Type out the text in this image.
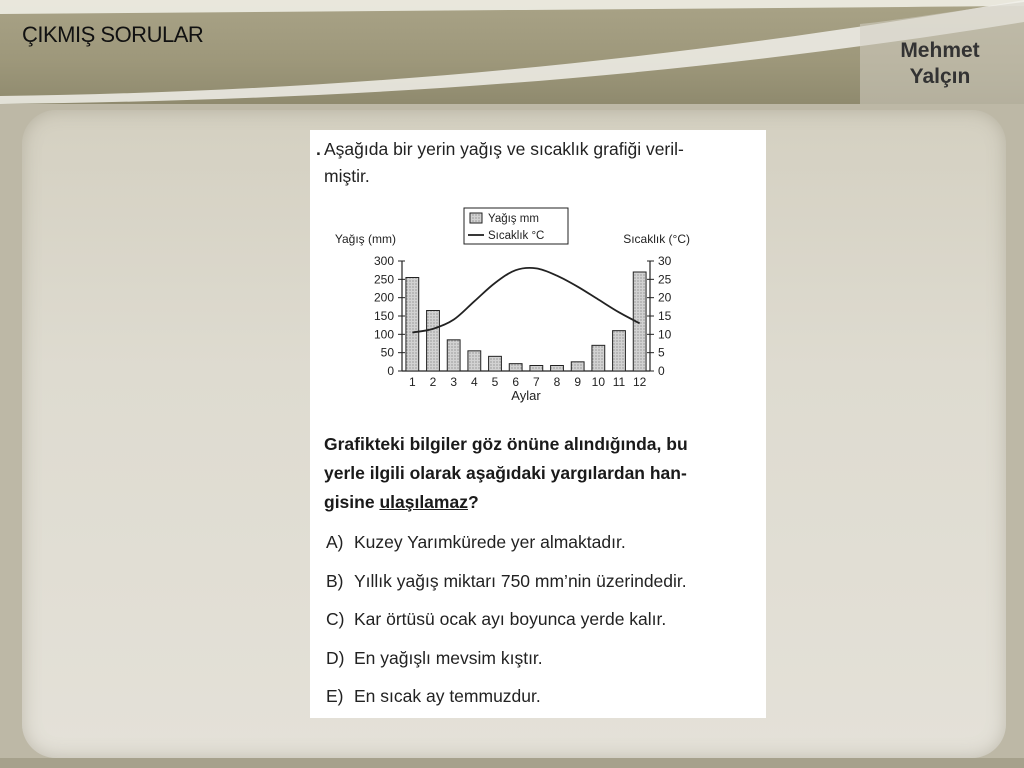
ÇIKMIŞ SORULAR
Mehmet
Yalçın
. Aşağıda bir yerin yağış ve sıcaklık grafiği veril-
miştir.
Yağış mm
Sıcaklık °C
0
50
100
150
200
250
300
0
5
10
15
20
25
30
1 2 3 4 5 6 7 8 9 10 11 12
Aylar
Yağış (mm)	Sıcaklık (°C)
Grafikteki bilgiler göz önüne alındığında, bu
yerle ilgili olarak aşağıdaki yargılardan han-
gisine ulaşılamaz?
A) Kuzey Yarımkürede yer almaktadır.
B) Yıllık yağış miktarı 750 mm’nin üzerindedir.
C) Kar örtüsü ocak ayı boyunca yerde kalır.
D) En yağışlı mevsim kıştır.
E) En sıcak ay temmuzdur.
